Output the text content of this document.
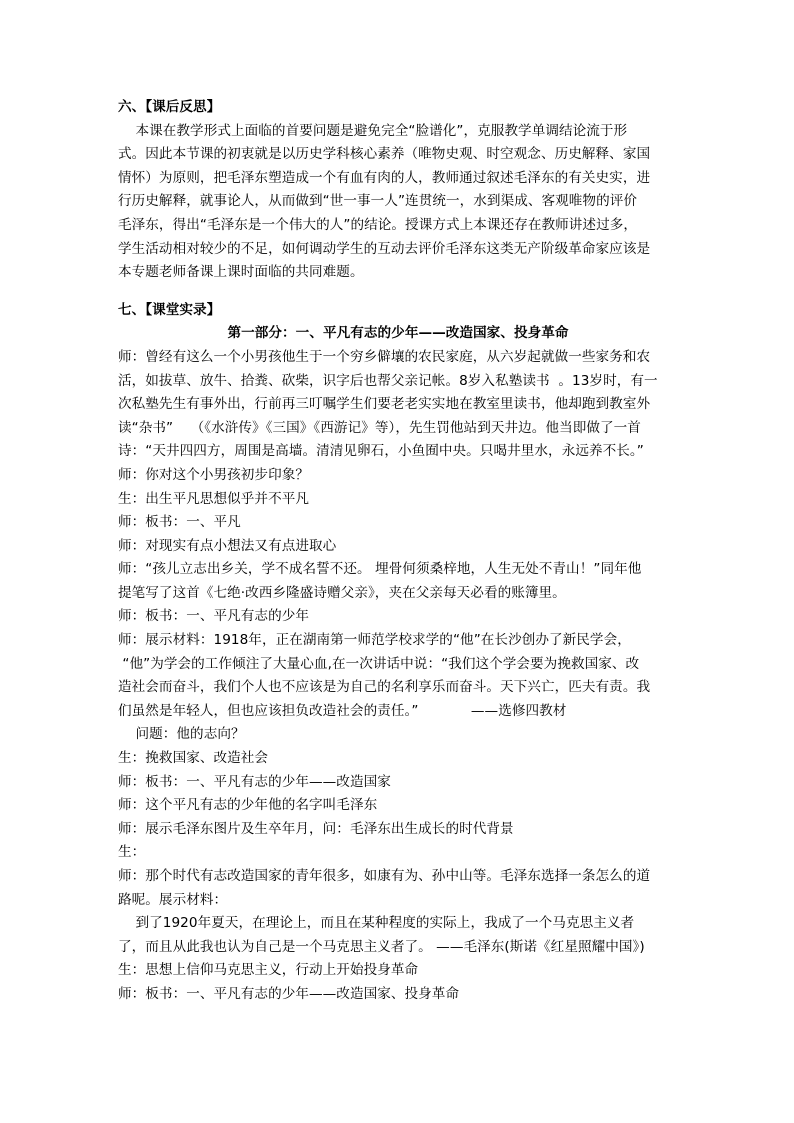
六、【课后反思】
本课在教学形式上面临的首要问题是避免完全“脸谱化”，克服教学单调结论流于形
式。因此本节课的初衷就是以历史学科核心素养（唯物史观、时空观念、历史解释、家国
情怀）为原则，把毛泽东塑造成一个有血有肉的人，教师通过叙述毛泽东的有关史实，进
行历史解释，就事论人，从而做到“世一事一人”连贯统一，水到渠成、客观唯物的评价
毛泽东，得出“毛泽东是一个伟大的人”的结论。授课方式上本课还存在教师讲述过多，
学生活动相对较少的不足，如何调动学生的互动去评价毛泽东这类无产阶级革命家应该是
本专题老师备课上课时面临的共同难题。
七、【课堂实录】
第一部分：一、平凡有志的少年——改造国家、投身革命
师：曾经有这么一个小男孩他生于一个穷乡僻壤的农民家庭，从六岁起就做一些家务和农
活，如拔草、放牛、拾粪、砍柴，识字后也帮父亲记帐。8岁入私塾读书  。13岁时，有一
次私塾先生有事外出，行前再三叮嘱学生们要老老实实地在教室里读书，他却跑到教室外
读“杂书”    （《水浒传》《三国》《西游记》等），先生罚他站到天井边。他当即做了一首
诗：“天井四四方，周围是高墙。清清见卵石，小鱼囿中央。只喝井里水，永远养不长。”
师：你对这个小男孩初步印象？
生：出生平凡思想似乎并不平凡
师：板书：一、平凡
师：对现实有点小想法又有点进取心
师：“孩儿立志出乡关，学不成名誓不还。 埋骨何须桑梓地，人生无处不青山！”同年他
提笔写了这首《七绝·改西乡隆盛诗赠父亲》，夹在父亲每天必看的账簿里。
师：板书：一、平凡有志的少年
师：展示材料：1918年，正在湖南第一师范学校求学的“他”在长沙创办了新民学会，
“他”为学会的工作倾注了大量心血,在一次讲话中说：“我们这个学会要为挽救国家、改
造社会而奋斗，我们个人也不应该是为自己的名利享乐而奋斗。天下兴亡，匹夫有责。我
们虽然是年轻人，但也应该担负改造社会的责任。”            ——选修四教材
问题：他的志向？
生：挽救国家、改造社会
师：板书：一、平凡有志的少年——改造国家
师：这个平凡有志的少年他的名字叫毛泽东
师：展示毛泽东图片及生卒年月，问：毛泽东出生成长的时代背景
生：
师：那个时代有志改造国家的青年很多，如康有为、孙中山等。毛泽东选择一条怎么的道
路呢。展示材料：
到了1920年夏天，在理论上，而且在某种程度的实际上，我成了一个马克思主义者
了，而且从此我也认为自己是一个马克思主义者了。 ——毛泽东(斯诺《红星照耀中国》)
生：思想上信仰马克思主义，行动上开始投身革命
师：板书：一、平凡有志的少年——改造国家、投身革命
